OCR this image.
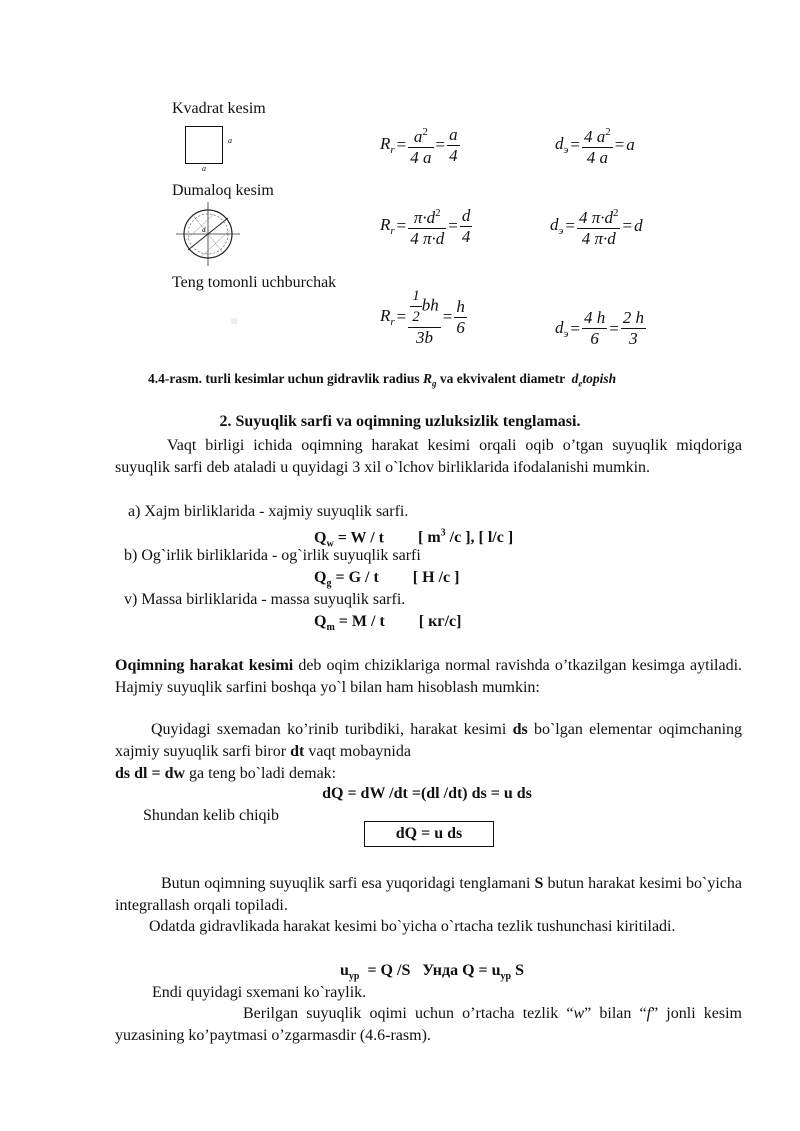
Kvadrat kesim
a
a
Dumaloq kesim
d
Teng tomonli uchburchak
$R_r = \frac{a^2}{4 a} = \frac{a}{4}$	$d_э = \frac{4 a^2}{4 a} = a$
$R_r = \frac{\pi\cdot d^2}{4 \pi\cdot d} = \frac{d}{4}$	$d_э = \frac{4 \pi\cdot d^2}{4 \pi\cdot d} = d$
$R_r = \frac{\frac{1}{2} bh}{3b} = \frac{h}{6}$	$d_э = \frac{4 h}{6} = \frac{2 h}{3}$
4.4-rasm. turli kesimlar uchun gidravlik radius $R_g$ va ekvivalent diametr $d_etopish$
2. Suyuqlik sarfi va oqimning uzluksizlik tenglamasi.
Vaqt birligi ichida oqimning harakat kesimi orqali oqib o’tgan suyuqlik miqdoriga suyuqlik sarfi deb ataladi u quyidagi 3 xil o`lchov birliklarida ifodalanishi mumkin.
a) Xajm birliklarida - xajmiy suyuqlik sarfi.
$Q_w = W / t$ [ $m^3$ /c ], [ l/c ]
b) Og`irlik birliklarida - og`irlik suyuqlik sarfi
$Q_g = G / t$ [ H /c ]
v) Massa birliklarida - massa suyuqlik sarfi.
$Q_m = M / t$ [ кг/c]
Oqimning harakat kesimi deb oqim chiziklariga normal ravishda o’tkazilgan kesimga aytiladi. Hajmiy suyuqlik sarfini boshqa yo`l bilan ham hisoblash mumkin:
Quyidagi sxemadan ko’rinib turibdiki, harakat kesimi ds bo`lgan elementar oqimchaning xajmiy suyuqlik sarfi biror dt vaqt mobaynida
ds dl = dw ga teng bo`ladi demak:
dQ = dW /dt =(dl /dt) ds = u ds
Shundan kelib chiqib
dQ = u ds
Butun oqimning suyuqlik sarfi esa yuqoridagi tenglamani S butun harakat kesimi bo`yicha integrallash orqali topiladi.
Odatda gidravlikada harakat kesimi bo`yicha o`rtacha tezlik tushunchasi kiritiladi.
$u_{yp} = Q$ /S   Унда $Q = u_{yp}$ S
Endi quyidagi sxemani ko`raylik.
Berilgan suyuqlik oqimi uchun o’rtacha tezlik “w” bilan “f” jonli kesim yuzasining ko’paytmasi o’zgarmasdir (4.6-rasm).
